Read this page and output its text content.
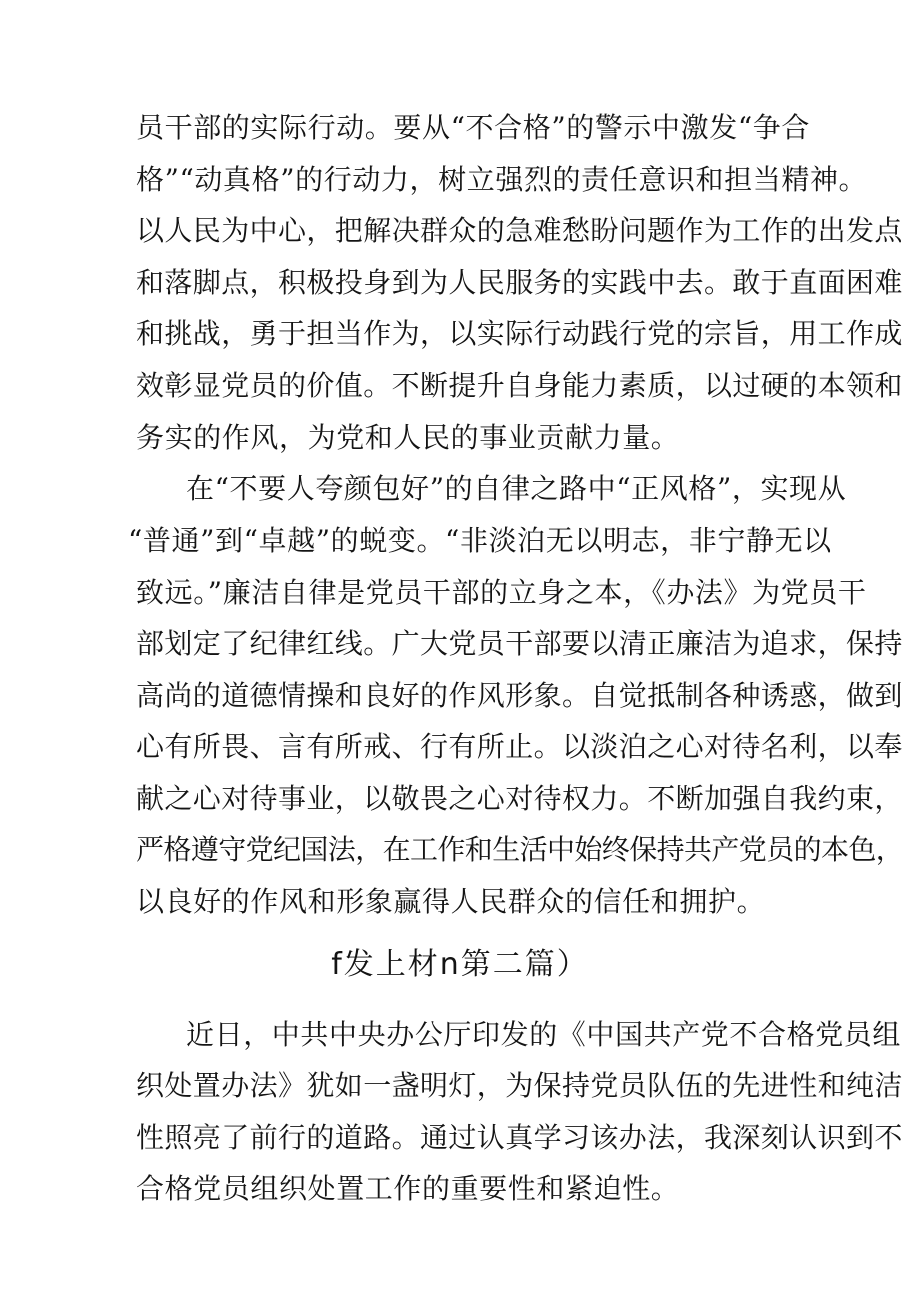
员干部的实际行动。要从“不合格”的警示中激发“争合
格”“动真格”的行动力，树立强烈的责任意识和担当精神。
以人民为中心，把解决群众的急难愁盼问题作为工作的出发点
和落脚点，积极投身到为人民服务的实践中去。敢于直面困难
和挑战，勇于担当作为，以实际行动践行党的宗旨，用工作成
效彰显党员的价值。不断提升自身能力素质，以过硬的本领和
务实的作风，为党和人民的事业贡献力量。
在“不要人夸颜包好”的自律之路中“正风格”，实现从
“普通”到“卓越”的蜕变。“非淡泊无以明志，非宁静无以
致远。”廉洁自律是党员干部的立身之本，《办法》为党员干
部划定了纪律红线。广大党员干部要以清正廉洁为追求，保持
高尚的道德情操和良好的作风形象。自觉抵制各种诱惑，做到
心有所畏、言有所戒、行有所止。以淡泊之心对待名利，以奉
献之心对待事业，以敬畏之心对待权力。不断加强自我约束，
严格遵守党纪国法，在工作和生活中始终保持共产党员的本色，
以良好的作风和形象赢得人民群众的信任和拥护。
f发上材n第二篇）
近日，中共中央办公厅印发的《中国共产党不合格党员组
织处置办法》犹如一盏明灯，为保持党员队伍的先进性和纯洁
性照亮了前行的道路。通过认真学习该办法，我深刻认识到不
合格党员组织处置工作的重要性和紧迫性。
